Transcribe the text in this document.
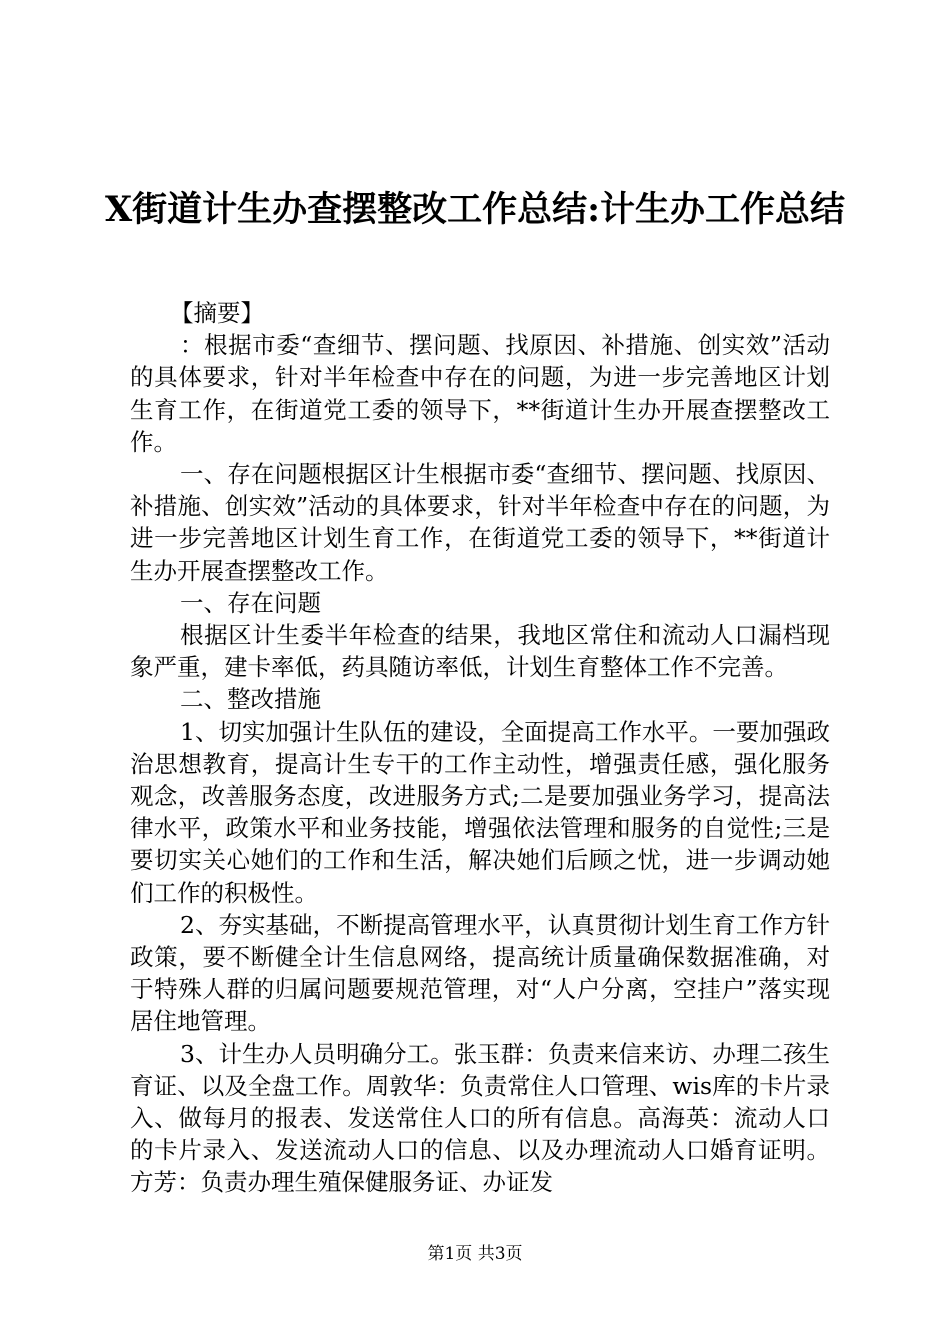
X街道计生办查摆整改工作总结:计生办工作总结

【摘要】

：根据市委“查细节、摆问题、找原因、补措施、创实效”活动的具体要求，针对半年检查中存在的问题，为进一步完善地区计划生育工作，在街道党工委的领导下，**街道计生办开展查摆整改工作。

一、存在问题根据区计生根据市委“查细节、摆问题、找原因、补措施、创实效”活动的具体要求，针对半年检查中存在的问题，为进一步完善地区计划生育工作，在街道党工委的领导下，**街道计生办开展查摆整改工作。

一、存在问题

根据区计生委半年检查的结果，我地区常住和流动人口漏档现象严重，建卡率低，药具随访率低，计划生育整体工作不完善。

二、整改措施

1、切实加强计生队伍的建设，全面提高工作水平。一要加强政治思想教育，提高计生专干的工作主动性，增强责任感，强化服务观念，改善服务态度，改进服务方式;二是要加强业务学习，提高法律水平，政策水平和业务技能，增强依法管理和服务的自觉性;三是要切实关心她们的工作和生活，解决她们后顾之忧，进一步调动她们工作的积极性。

2、夯实基础，不断提高管理水平，认真贯彻计划生育工作方针政策，要不断健全计生信息网络，提高统计质量确保数据准确，对于特殊人群的归属问题要规范管理，对“人户分离，空挂户”落实现居住地管理。

3、计生办人员明确分工。张玉群：负责来信来访、办理二孩生育证、以及全盘工作。周敦华：负责常住人口管理、wis库的卡片录入、做每月的报表、发送常住人口的所有信息。高海英：流动人口的卡片录入、发送流动人口的信息、以及办理流动人口婚育证明。方芳：负责办理生殖保健服务证、办证发

第1页 共3页
